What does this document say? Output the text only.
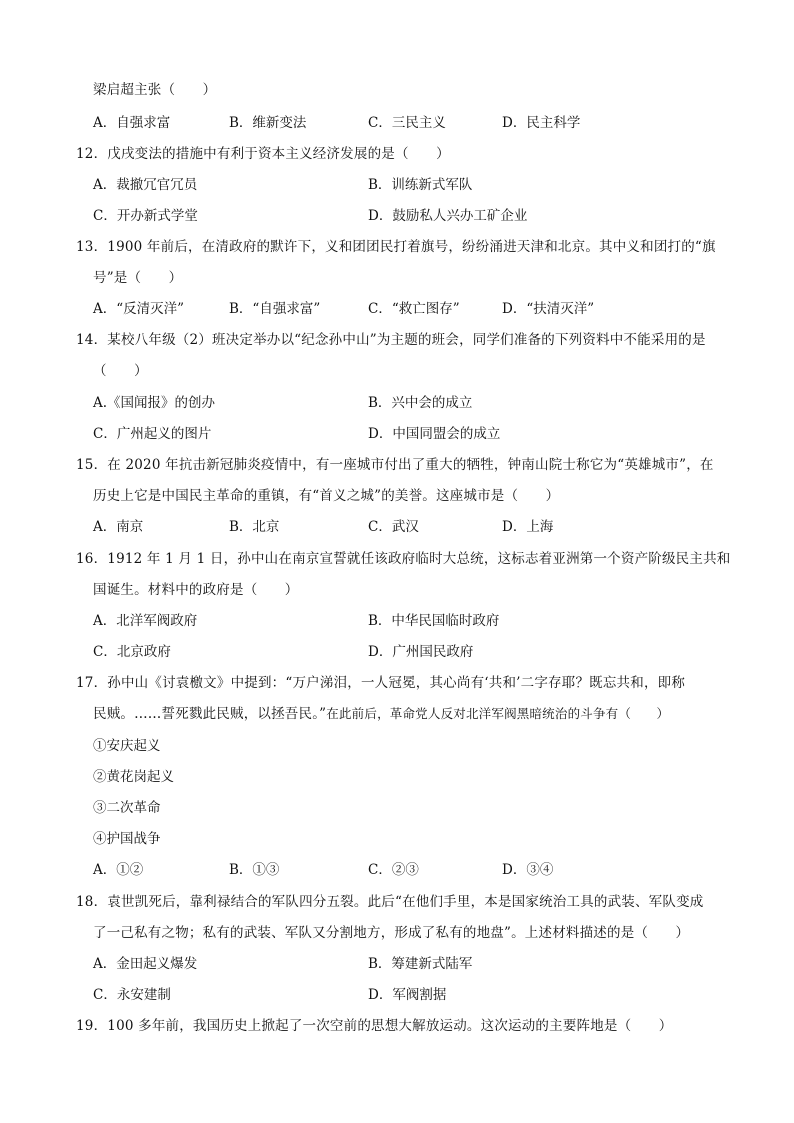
梁启超主张（　　）
A．自强求富	B．维新变法	C．三民主义	D．民主科学
12．戊戌变法的措施中有利于资本主义经济发展的是（　　）
A．裁撤冗官冗员	B．训练新式军队
C．开办新式学堂	D．鼓励私人兴办工矿企业
13．1900 年前后，在清政府的默许下，义和团团民打着旗号，纷纷涌进天津和北京。其中义和团打的“旗
号”是（　　）
A．“反清灭洋”	B．“自强求富”	C．“救亡图存”	D．“扶清灭洋”
14．某校八年级（2）班决定举办以“纪念孙中山”为主题的班会，同学们准备的下列资料中不能采用的是
（　　）
A.《国闻报》的创办	B．兴中会的成立
C．广州起义的图片	D．中国同盟会的成立
15．在 2020 年抗击新冠肺炎疫情中，有一座城市付出了重大的牺牲，钟南山院士称它为“英雄城市”，在
历史上它是中国民主革命的重镇，有“首义之城”的美誉。这座城市是（　　）
A．南京	B．北京	C．武汉	D．上海
16．1912 年 1 月 1 日，孙中山在南京宣誓就任该政府临时大总统，这标志着亚洲第一个资产阶级民主共和
国诞生。材料中的政府是（　　）
A．北洋军阀政府	B．中华民国临时政府
C．北京政府	D．广州国民政府
17．孙中山《讨袁檄文》中提到：“万户涕泪，一人冠冕，其心尚有‘共和’二字存耶？既忘共和，即称
民贼。……誓死戮此民贼，以拯吾民。”在此前后，革命党人反对北洋军阀黑暗统治的斗争有（　　）
①安庆起义
②黄花岗起义
③二次革命
④护国战争
A．①②	B．①③	C．②③	D．③④
18．袁世凯死后，靠利禄结合的军队四分五裂。此后“在他们手里，本是国家统治工具的武装、军队变成
了一己私有之物；私有的武装、军队又分割地方，形成了私有的地盘”。上述材料描述的是（　　）
A．金田起义爆发	B．筹建新式陆军
C．永安建制	D．军阀割据
19．100 多年前，我国历史上掀起了一次空前的思想大解放运动。这次运动的主要阵地是（　　）
